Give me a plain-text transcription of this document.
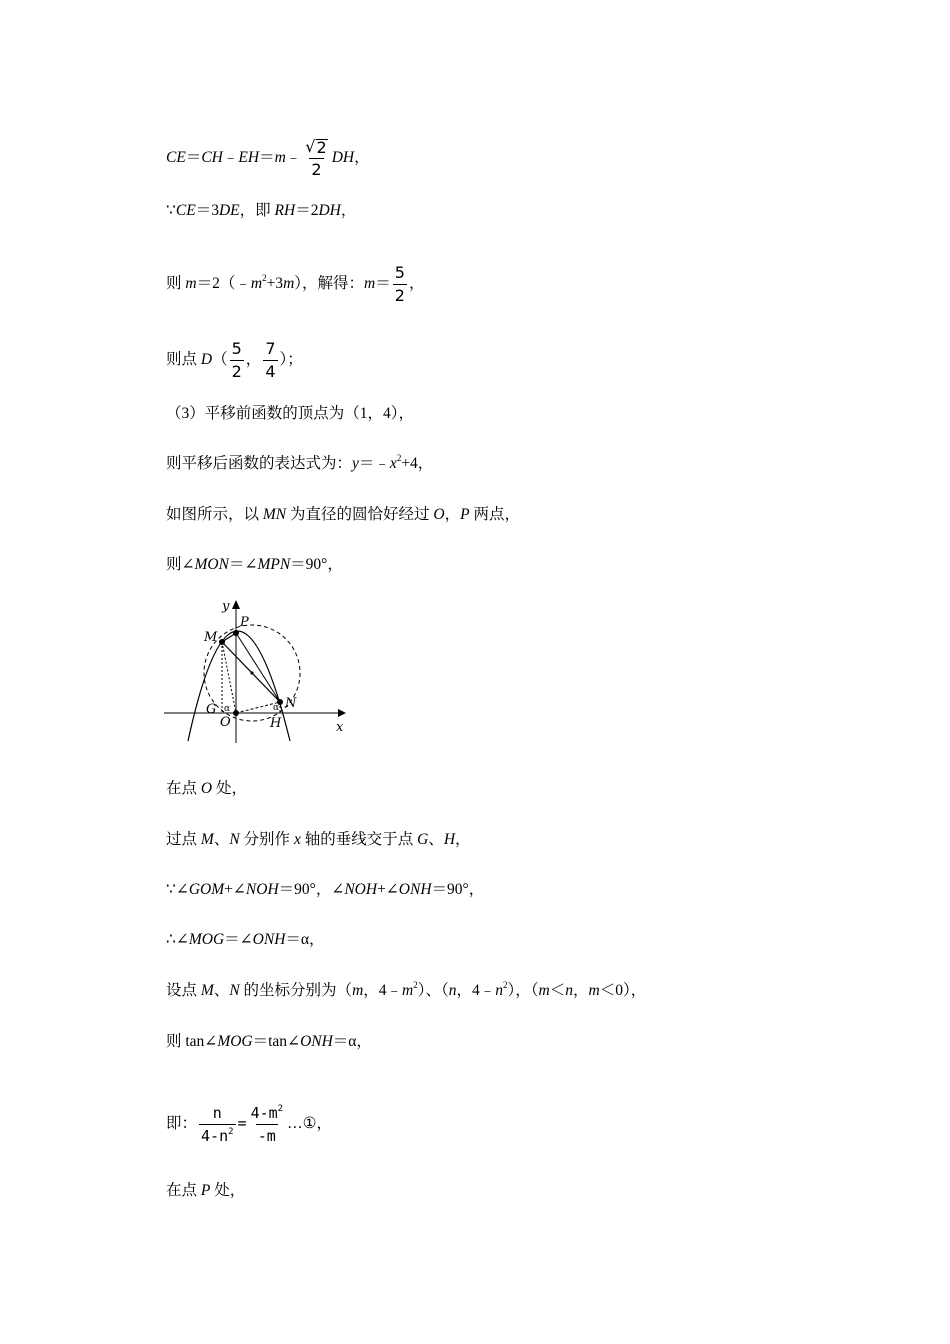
CE＝CH﹣EH＝m﹣ $\frac{√ 2}{2}$ DH，
∵CE＝3DE，即 RH＝2DH，
则 $m=2(﹣m^2+3m)$，解得：$m= \frac{5}{2}$ ，
则点 $D( \frac{5}{2}$ ， $\frac{7}{4}$ ）；
（3）平移前函数的顶点为（1，4），
则平移后函数的表达式为：$y=﹣x^2+4$，
如图所示，以 MN 为直径的圆恰好经过 O，P 两点，
则∠MON＝∠MPN＝90°，
y
x
P
M
N
G
O	H
α	α
在点 O 处，
过点 M、N 分别作 x 轴的垂线交于点 G、H，
∵∠GOM+∠NOH＝90°，∠NOH+∠ONH＝90°，
∴∠MOG＝∠ONH＝α，
设点 M、N 的坐标分别为（m，$4﹣m^2$）、（n，$4﹣n^2$），（m＜n，m＜0），
则 tan∠MOG＝tan∠ONH＝α，
即： $\frac{n}{4-n^2} = \frac{4-m^2}{-m}$ …①，
在点 P 处，
